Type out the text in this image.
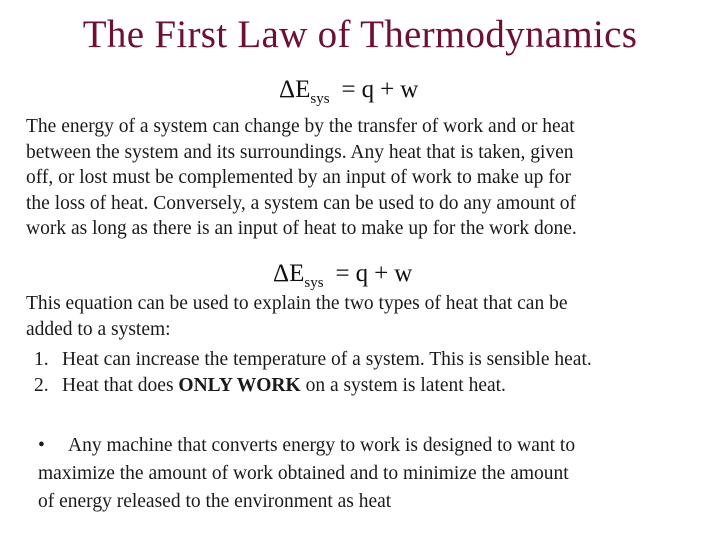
The First Law of Thermodynamics
$\Delta E_{sys} = q + w$

The energy of a system can change by the transfer of work and or heat
between the system and its surroundings. Any heat that is taken, given
off, or lost must be complemented by an input of work to make up for
the loss of heat. Conversely, a system can be used to do any amount of
work as long as there is an input of heat to make up for the work done.

$\Delta E_{sys} = q + w$

This equation can be used to explain the two types of heat that can be
added to a system:

1. Heat can increase the temperature of a system. This is sensible heat.
2. Heat that does ONLY WORK on a system is latent heat.

• Any machine that converts energy to work is designed to want to
maximize the amount of work obtained and to minimize the amount
of energy released to the environment as heat
